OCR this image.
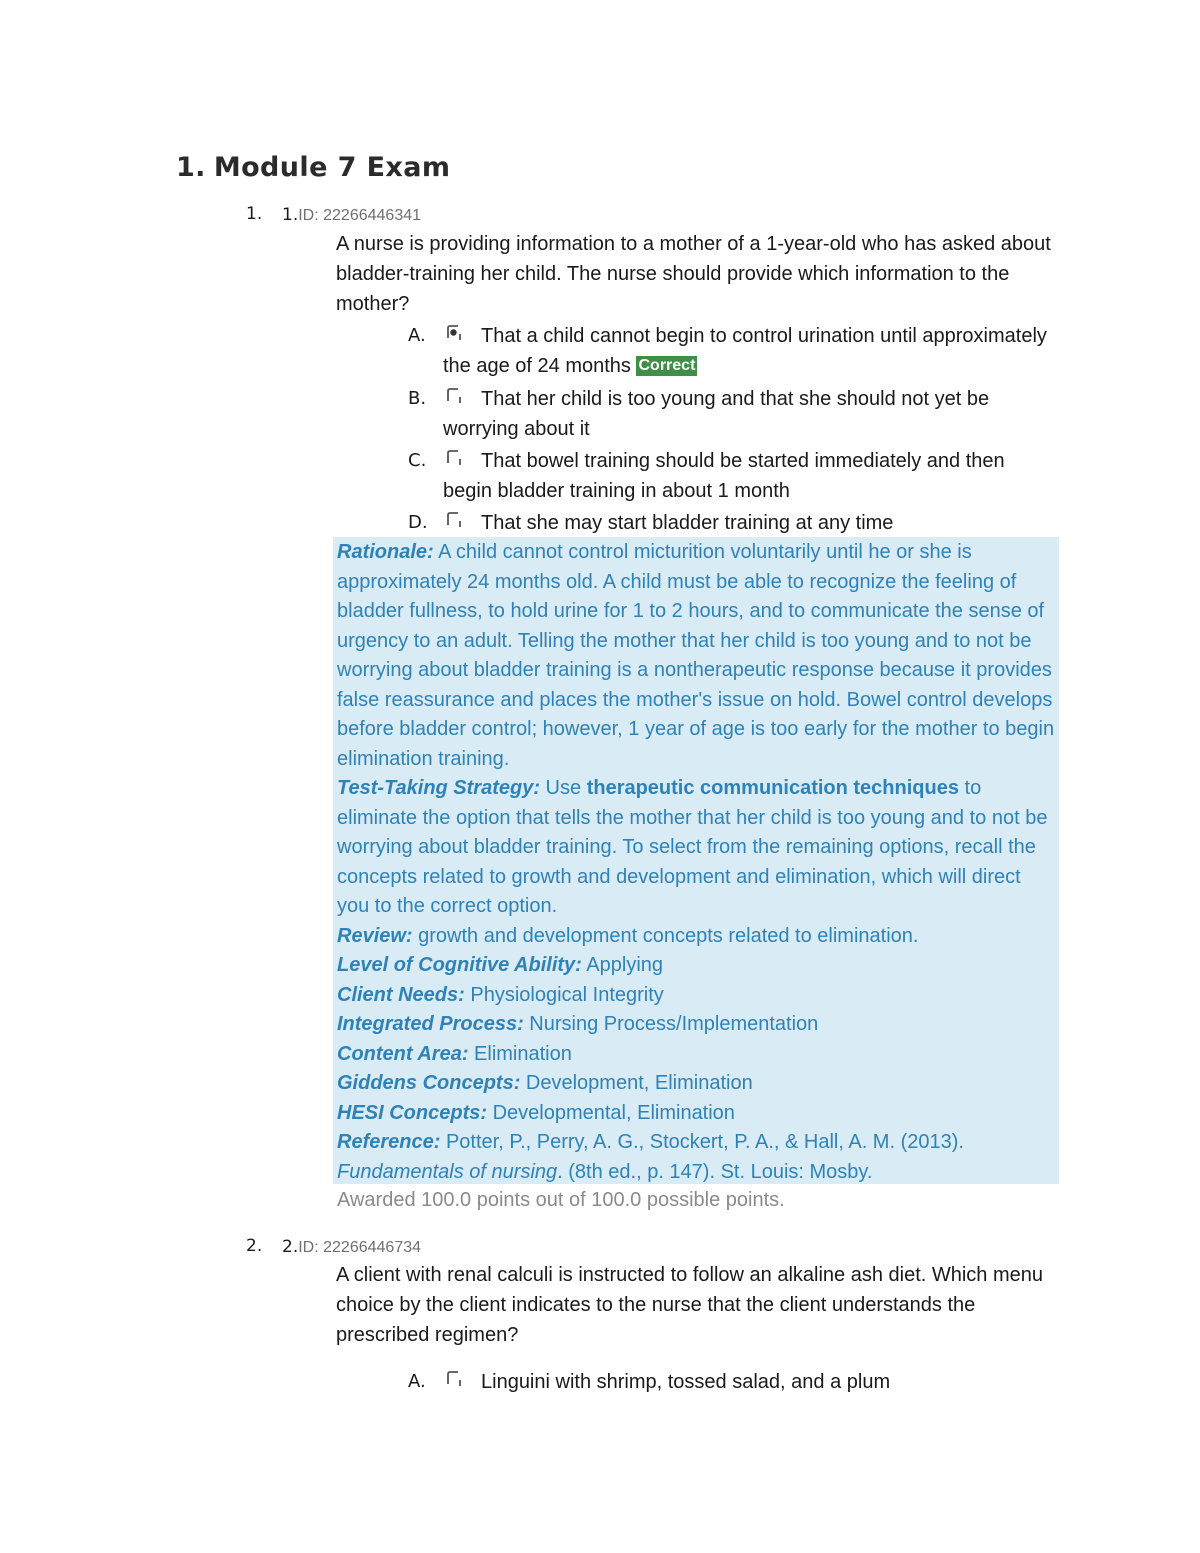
1. Module 7 Exam
1. 1.ID: 22266446341
A nurse is providing information to a mother of a 1-year-old who has asked about bladder-training her child. The nurse should provide which information to the mother?
A.	That a child cannot begin to control urination until approximately the age of 24 months Correct
B.	That her child is too young and that she should not yet be worrying about it
C.	That bowel training should be started immediately and then begin bladder training in about 1 month
D.	That she may start bladder training at any time

Rationale: A child cannot control micturition voluntarily until he or she is approximately 24 months old. A child must be able to recognize the feeling of bladder fullness, to hold urine for 1 to 2 hours, and to communicate the sense of urgency to an adult. Telling the mother that her child is too young and to not be worrying about bladder training is a nontherapeutic response because it provides false reassurance and places the mother's issue on hold. Bowel control develops before bladder control; however, 1 year of age is too early for the mother to begin elimination training.

Test-Taking Strategy: Use therapeutic communication techniques to eliminate the option that tells the mother that her child is too young and to not be worrying about bladder training. To select from the remaining options, recall the concepts related to growth and development and elimination, which will direct you to the correct option.

Review: growth and development concepts related to elimination.

Level of Cognitive Ability: Applying

Client Needs: Physiological Integrity

Integrated Process: Nursing Process/Implementation

Content Area: Elimination

Giddens Concepts: Development, Elimination

HESI Concepts: Developmental, Elimination

Reference: Potter, P., Perry, A. G., Stockert, P. A., & Hall, A. M. (2013). Fundamentals of nursing. (8th ed., p. 147). St. Louis: Mosby.

Awarded 100.0 points out of 100.0 possible points.
2. 2.ID: 22266446734
A client with renal calculi is instructed to follow an alkaline ash diet. Which menu choice by the client indicates to the nurse that the client understands the prescribed regimen?
A.	Linguini with shrimp, tossed salad, and a plum
